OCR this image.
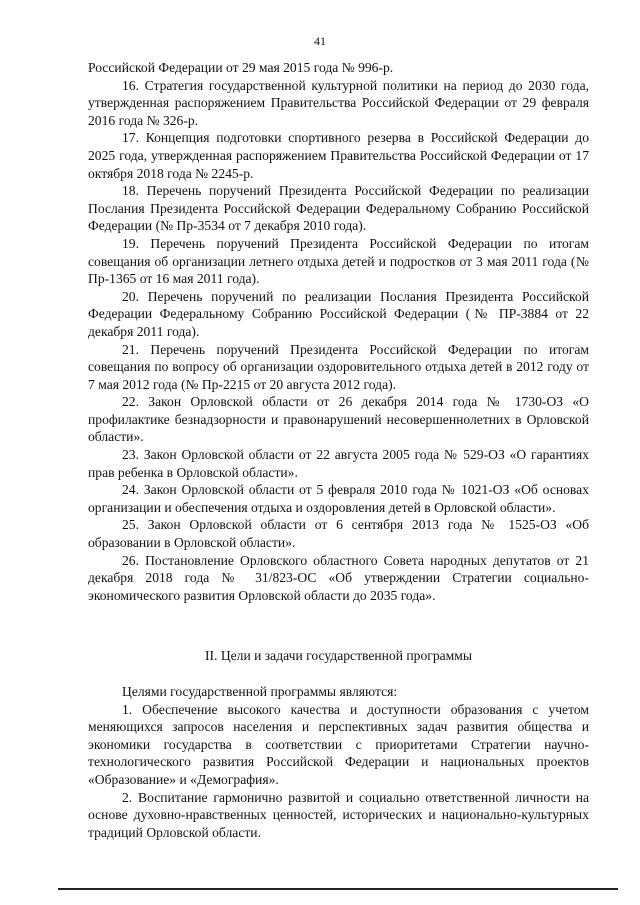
41

Российской Федерации от 29 мая 2015 года № 996-р.

16. Стратегия государственной культурной политики на период до 2030 года, утвержденная распоряжением Правительства Российской Федерации от 29 февраля 2016 года № 326-р.

17. Концепция подготовки спортивного резерва в Российской Федерации до 2025 года, утвержденная распоряжением Правительства Российской Федерации от 17 октября 2018 года № 2245-р.

18. Перечень поручений Президента Российской Федерации по реализации Послания Президента Российской Федерации Федеральному Собранию Российской Федерации (№ Пр-3534 от 7 декабря 2010 года).

19. Перечень поручений Президента Российской Федерации по итогам совещания об организации летнего отдыха детей и подростков от 3 мая 2011 года (№ Пр-1365 от 16 мая 2011 года).

20. Перечень поручений по реализации Послания Президента Российской Федерации Федеральному Собранию Российской Федерации (№ ПР-3884 от 22 декабря 2011 года).

21. Перечень поручений Президента Российской Федерации по итогам совещания по вопросу об организации оздоровительного отдыха детей в 2012 году от 7 мая 2012 года (№ Пр-2215 от 20 августа 2012 года).

22. Закон Орловской области от 26 декабря 2014 года № 1730-ОЗ «О профилактике безнадзорности и правонарушений несовершеннолетних в Орловской области».

23. Закон Орловской области от 22 августа 2005 года № 529-ОЗ «О гарантиях прав ребенка в Орловской области».

24. Закон Орловской области от 5 февраля 2010 года № 1021-ОЗ «Об основах организации и обеспечения отдыха и оздоровления детей в Орловской области».

25. Закон Орловской области от 6 сентября 2013 года № 1525-ОЗ «Об образовании в Орловской области».

26. Постановление Орловского областного Совета народных депутатов от 21 декабря 2018 года № 31/823-ОС «Об утверждении Стратегии социально-экономического развития Орловской области до 2035 года».

II. Цели и задачи государственной программы

Целями государственной программы являются:

1. Обеспечение высокого качества и доступности образования с учетом меняющихся запросов населения и перспективных задач развития общества и экономики государства в соответствии с приоритетами Стратегии научно-технологического развития Российской Федерации и национальных проектов «Образование» и «Демография».

2. Воспитание гармонично развитой и социально ответственной личности на основе духовно-нравственных ценностей, исторических и национально-культурных традиций Орловской области.
